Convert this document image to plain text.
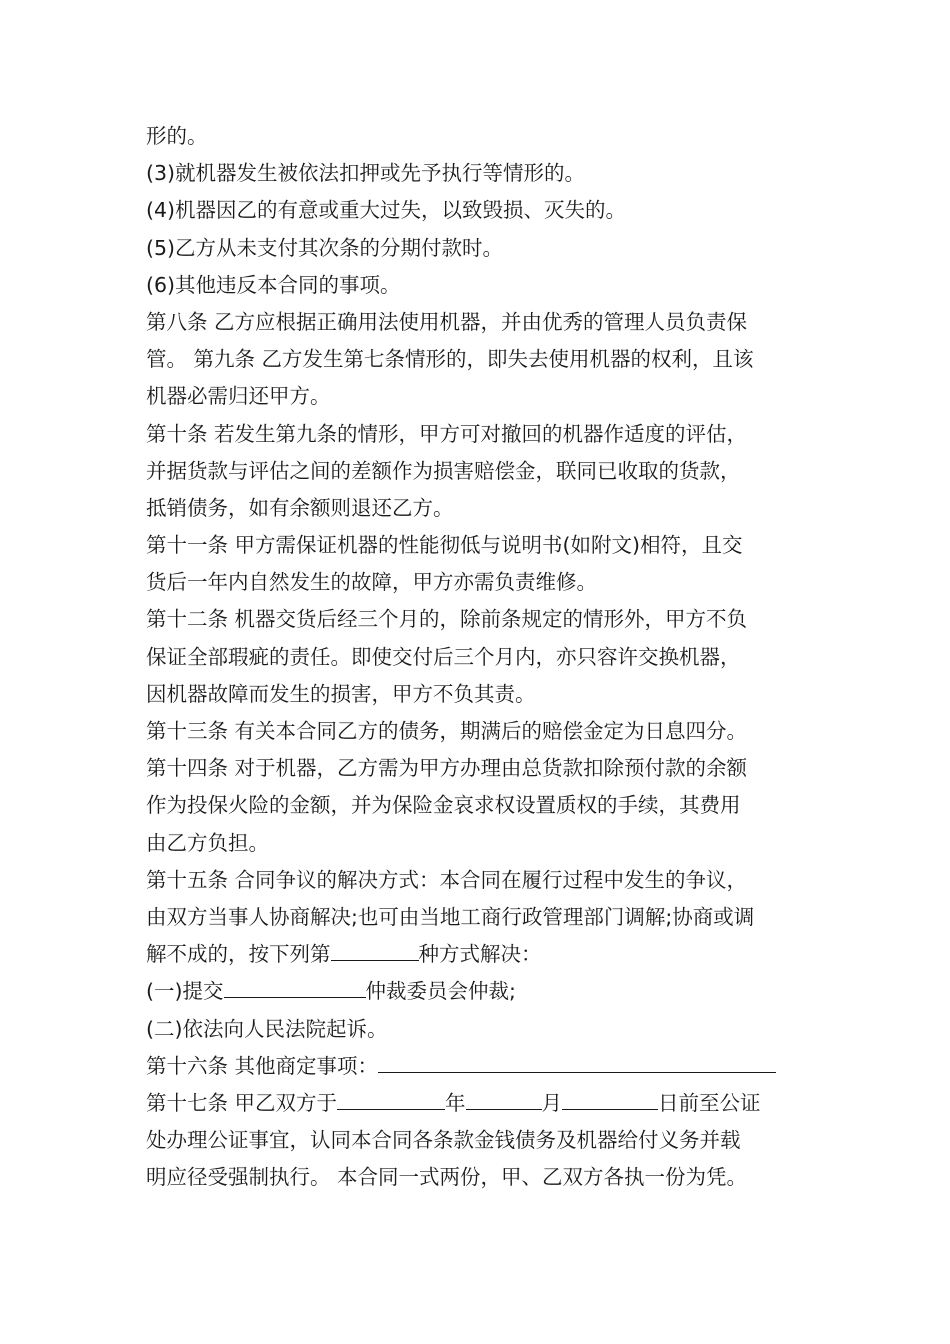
形的。
(3)就机器发生被依法扣押或先予执行等情形的。
(4)机器因乙的有意或重大过失，以致毁损、灭失的。
(5)乙方从未支付其次条的分期付款时。
(6)其他违反本合同的事项。
第八条 乙方应根据正确用法使用机器，并由优秀的管理人员负责保
管。 第九条 乙方发生第七条情形的，即失去使用机器的权利，且该
机器必需归还甲方。
第十条 若发生第九条的情形，甲方可对撤回的机器作适度的评估，
并据货款与评估之间的差额作为损害赔偿金，联同已收取的货款，
抵销债务，如有余额则退还乙方。
第十一条 甲方需保证机器的性能彻低与说明书(如附文)相符，且交
货后一年内自然发生的故障，甲方亦需负责维修。
第十二条 机器交货后经三个月的，除前条规定的情形外，甲方不负
保证全部瑕疵的责任。即使交付后三个月内，亦只容许交换机器，
因机器故障而发生的损害，甲方不负其责。
第十三条 有关本合同乙方的债务，期满后的赔偿金定为日息四分。
第十四条 对于机器，乙方需为甲方办理由总货款扣除预付款的余额
作为投保火险的金额，并为保险金哀求权设置质权的手续，其费用
由乙方负担。
第十五条 合同争议的解决方式：本合同在履行过程中发生的争议，
由双方当事人协商解决;也可由当地工商行政管理部门调解;协商或调
解不成的，按下列第	种方式解决：
(一)提交	仲裁委员会仲裁;
(二)依法向人民法院起诉。
第十六条 其他商定事项：
第十七条 甲乙双方于	年	月	日前至公证
处办理公证事宜，认同本合同各条款金钱债务及机器给付义务并载
明应径受强制执行。 本合同一式两份，甲、乙双方各执一份为凭。
